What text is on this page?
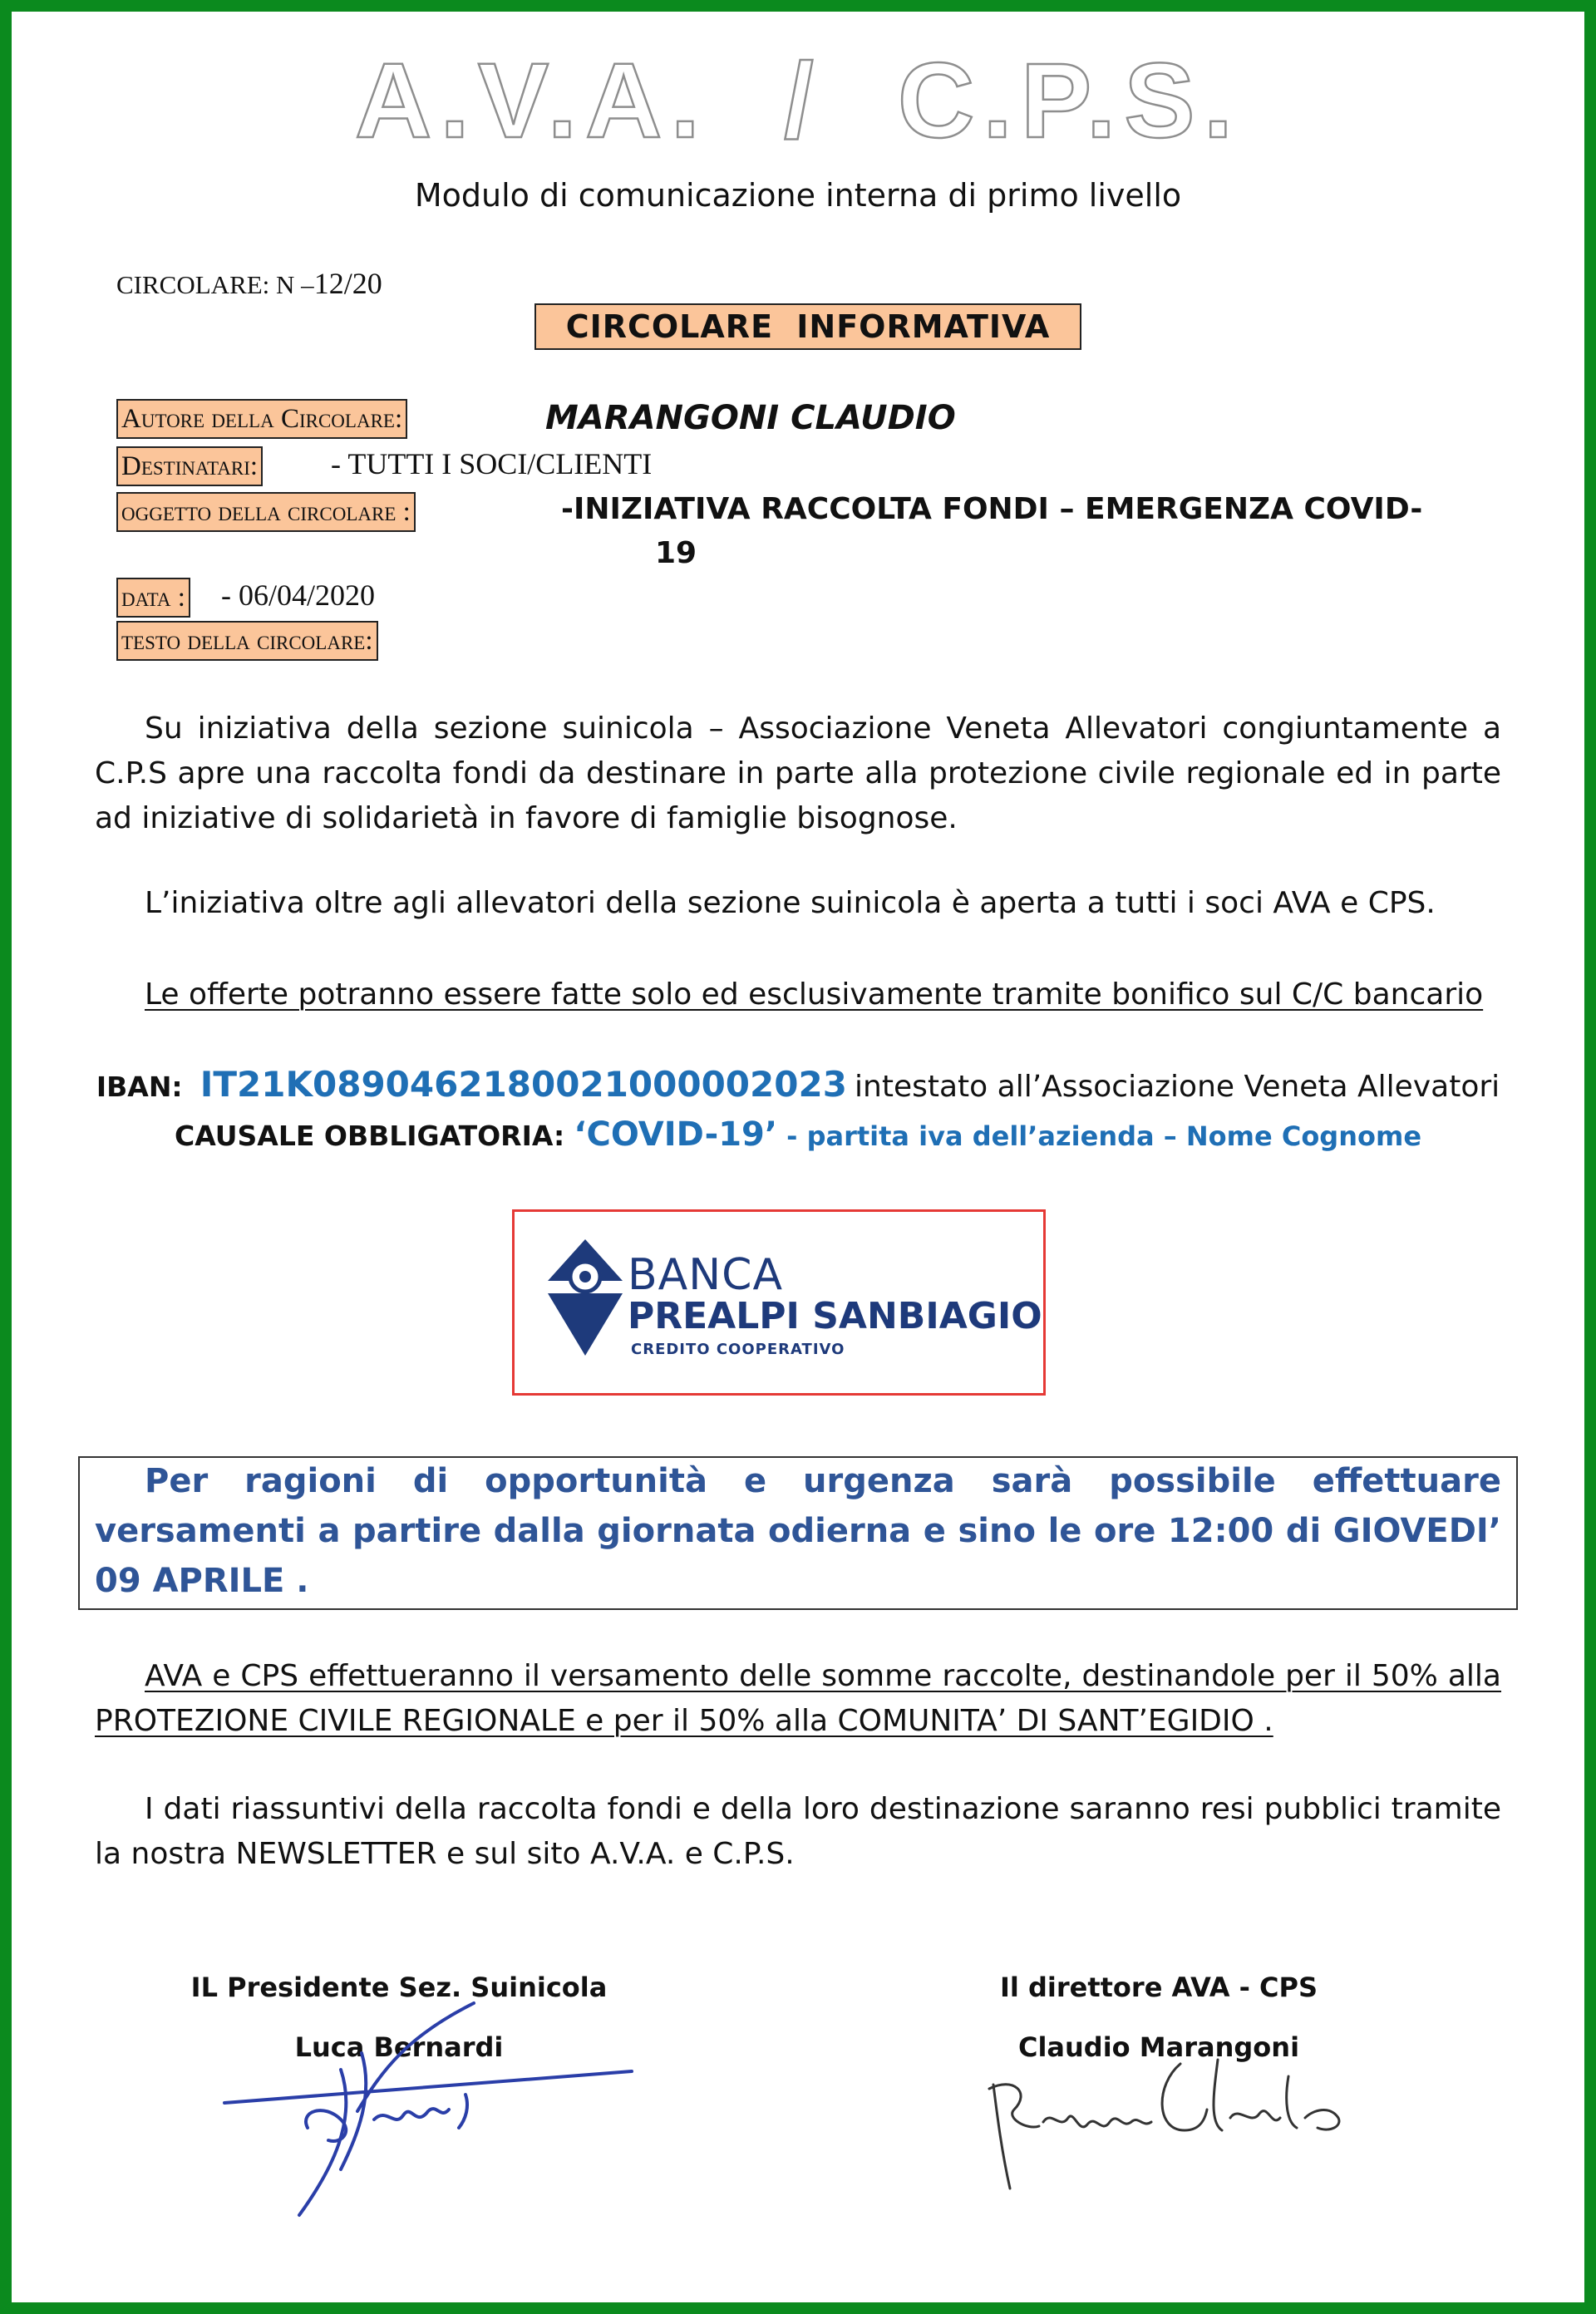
A.V.A.  /  C.P.S.
Modulo di comunicazione interna di primo livello
CIRCOLARE: N –12/20
CIRCOLARE INFORMATIVA
Autore della Circolare:	MARANGONI CLAUDIO
Destinatari: - TUTTI I SOCI/CLIENTI
oggetto della circolare :	-INIZIATIVA RACCOLTA FONDI – EMERGENZA COVID-
19
data : - 06/04/2020
testo della circolare:
Su iniziativa della sezione suinicola – Associazione Veneta Allevatori congiuntamente a C.P.S apre una raccolta fondi da destinare in parte alla protezione civile regionale ed in parte ad iniziative di solidarietà in favore di famiglie bisognose.
L’iniziativa oltre agli allevatori della sezione suinicola è aperta a tutti i soci AVA e CPS.
Le offerte potranno essere fatte solo ed esclusivamente tramite bonifico sul C/C bancario
IBAN: IT21K0890462180021000002023 intestato all’Associazione Veneta Allevatori
CAUSALE OBBLIGATORIA: ‘COVID-19’ - partita iva dell’azienda – Nome Cognome
BANCA
PREALPI SANBIAGIO
CREDITO COOPERATIVO
Per ragioni di opportunità e urgenza sarà possibile effettuare versamenti a partire dalla giornata odierna e sino le ore 12:00 di GIOVEDI’ 09 APRILE .
AVA e CPS effettueranno il versamento delle somme raccolte, destinandole per il 50% alla
PROTEZIONE CIVILE REGIONALE e per il 50% alla COMUNITA’ DI SANT’EGIDIO .
I dati riassuntivi della raccolta fondi e della loro destinazione saranno resi pubblici tramite la nostra NEWSLETTER e sul sito A.V.A. e C.P.S.
IL Presidente Sez. Suinicola
Luca Bernardi
Il direttore AVA - CPS
Claudio Marangoni
